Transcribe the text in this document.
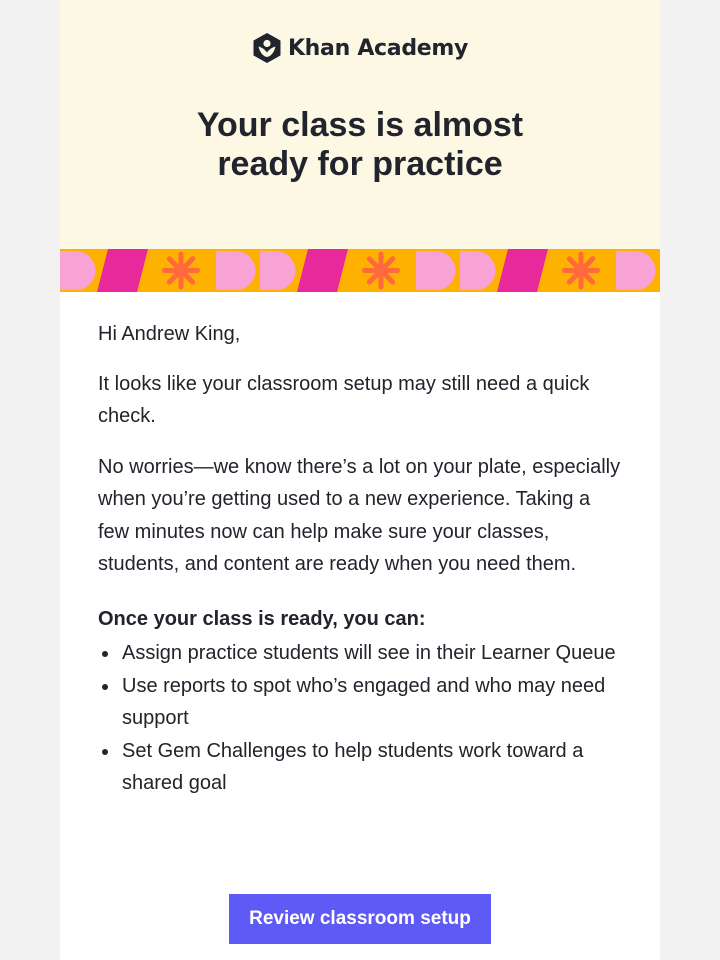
Khan Academy
Your class is almost
ready for practice

Hi Andrew King,

It looks like your classroom setup may still need a quick check.

No worries—we know there’s a lot on your plate, especially when you’re getting used to a new experience. Taking a few minutes now can help make sure your classes, students, and content are ready when you need them.

Once your class is ready, you can:
Assign practice students will see in their Learner Queue
Use reports to spot who’s engaged and who may need support
Set Gem Challenges to help students work toward a shared goal
Review classroom setup
